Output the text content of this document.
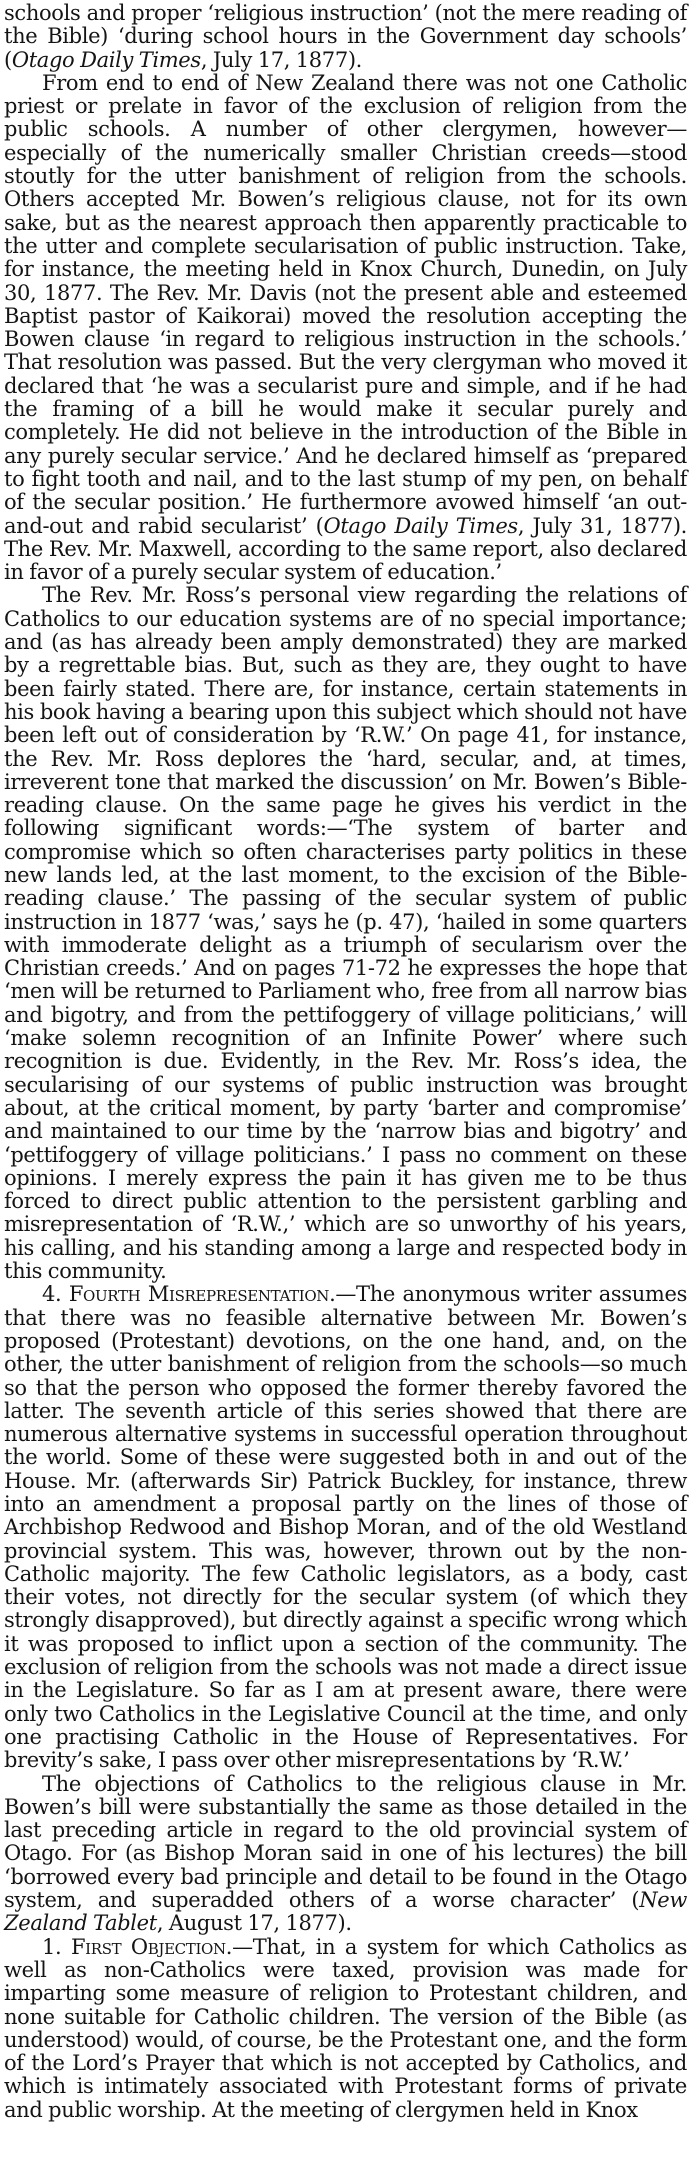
schools and proper ‘religious instruction’ (not the mere reading of the Bible) ‘during school hours in the Government day schools’ (Otago Daily Times, July 17, 1877).

From end to end of New Zealand there was not one Catholic priest or prelate in favor of the exclusion of religion from the public schools. A number of other clergymen, however—especially of the numerically smaller Christian creeds—stood stoutly for the utter banishment of religion from the schools. Others accepted Mr. Bowen’s religious clause, not for its own sake, but as the nearest approach then apparently practicable to the utter and complete secularisation of public instruction. Take, for instance, the meeting held in Knox Church, Dunedin, on July 30, 1877. The Rev. Mr. Davis (not the present able and esteemed Baptist pastor of Kaikorai) moved the resolution accepting the Bowen clause ‘in regard to religious instruction in the schools.’ That resolution was passed. But the very clergyman who moved it declared that ‘he was a secularist pure and simple, and if he had the framing of a bill he would make it secular purely and completely. He did not believe in the introduction of the Bible in any purely secular service.’ And he declared himself as ‘prepared to fight tooth and nail, and to the last stump of my pen, on behalf of the secular position.’ He furthermore avowed himself ‘an out-and-out and rabid secularist’ (Otago Daily Times, July 31, 1877). The Rev. Mr. Maxwell, according to the same report, also declared in favor of a purely secular system of education.’

The Rev. Mr. Ross’s personal view regarding the relations of Catholics to our education systems are of no special importance; and (as has already been amply demonstrated) they are marked by a regrettable bias. But, such as they are, they ought to have been fairly stated. There are, for instance, certain statements in his book having a bearing upon this subject which should not have been left out of consideration by ‘R.W.’ On page 41, for instance, the Rev. Mr. Ross deplores the ‘hard, secular, and, at times, irreverent tone that marked the discussion’ on Mr. Bowen’s Bible-reading clause. On the same page he gives his verdict in the following significant words:—‘The system of barter and compromise which so often characterises party politics in these new lands led, at the last moment, to the excision of the Bible-reading clause.’ The passing of the secular system of public instruction in 1877 ‘was,’ says he (p. 47), ‘hailed in some quarters with immoderate delight as a triumph of secularism over the Christian creeds.’ And on pages 71-72 he expresses the hope that ‘men will be returned to Parliament who, free from all narrow bias and bigotry, and from the pettifoggery of village politicians,’ will ‘make solemn recognition of an Infinite Power’ where such recognition is due. Evidently, in the Rev. Mr. Ross’s idea, the secularising of our systems of public instruction was brought about, at the critical moment, by party ‘barter and compromise’ and maintained to our time by the ‘narrow bias and bigotry’ and ‘pettifoggery of village politicians.’ I pass no comment on these opinions. I merely express the pain it has given me to be thus forced to direct public attention to the persistent garbling and misrepresentation of ‘R.W.,’ which are so unworthy of his years, his calling, and his standing among a large and respected body in this community.

4. Fourth Misrepresentation.—The anonymous writer assumes that there was no feasible alternative between Mr. Bowen’s proposed (Protestant) devotions, on the one hand, and, on the other, the utter banishment of religion from the schools—so much so that the person who opposed the former thereby favored the latter. The seventh article of this series showed that there are numerous alternative systems in successful operation throughout the world. Some of these were suggested both in and out of the House. Mr. (afterwards Sir) Patrick Buckley, for instance, threw into an amendment a proposal partly on the lines of those of Archbishop Redwood and Bishop Moran, and of the old Westland provincial system. This was, however, thrown out by the non-Catholic majority. The few Catholic legislators, as a body, cast their votes, not directly for the secular system (of which they strongly disapproved), but directly against a specific wrong which it was proposed to inflict upon a section of the community. The exclusion of religion from the schools was not made a direct issue in the Legislature. So far as I am at present aware, there were only two Catholics in the Legislative Council at the time, and only one practising Catholic in the House of Representatives. For brevity’s sake, I pass over other misrepresentations by ‘R.W.’

The objections of Catholics to the religious clause in Mr. Bowen’s bill were substantially the same as those detailed in the last preceding article in regard to the old provincial system of Otago. For (as Bishop Moran said in one of his lectures) the bill ‘borrowed every bad principle and detail to be found in the Otago system, and superadded others of a worse character’ (New Zealand Tablet, August 17, 1877).

1. First Objection.—That, in a system for which Catholics as well as non-Catholics were taxed, provision was made for imparting some measure of religion to Protestant children, and none suitable for Catholic children. The version of the Bible (as understood) would, of course, be the Protestant one, and the form of the Lord’s Prayer that which is not accepted by Catholics, and which is intimately associated with Protestant forms of private and public worship. At the meeting of clergymen held in Knox
